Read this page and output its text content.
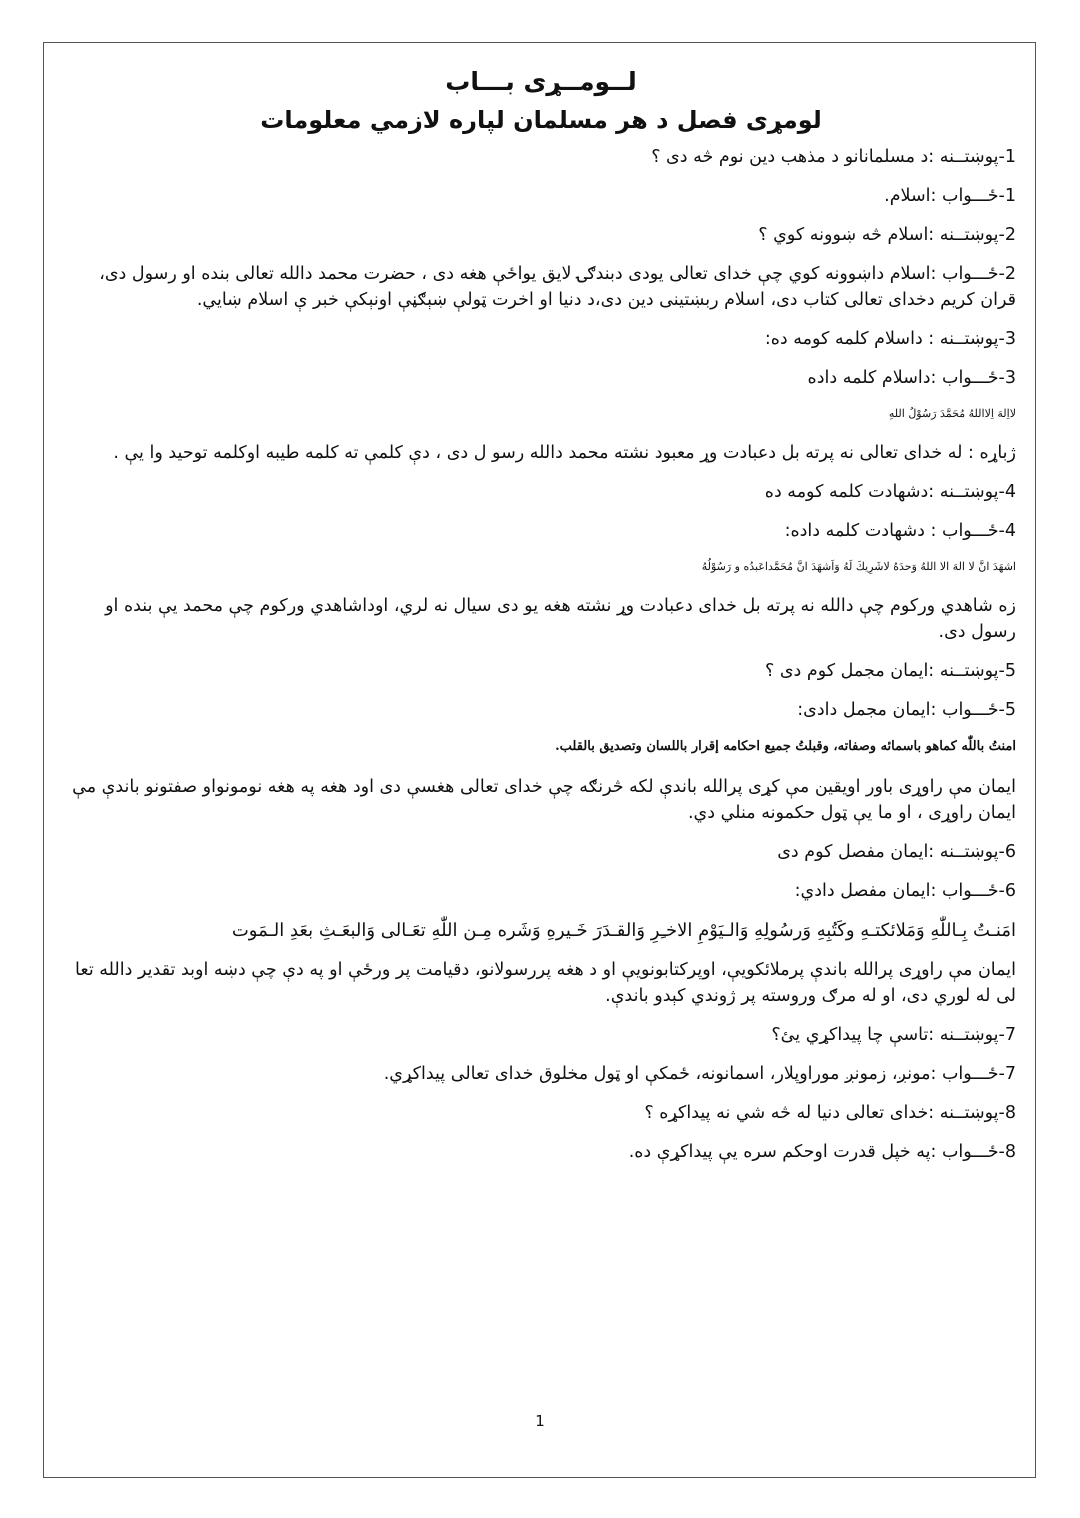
لــومــړی بـــاب
لومړی فصل د هر مسلمان لپاره لازمي معلومات

1-پوښتــنه :د مسلمانانو د مذهب دین نوم څه دی ؟

1-ځـــواب :اسلام.

2-پوښتــنه :اسلام څه ښوونه کوي ؟

2-ځـــواب :اسلام داښوونه کوي چې خدای تعالی یودی دبندګۍ لایق یواځې هغه دی ، حضرت محمد دالله تعالی بنده او رسول دی، قران کریم دخدای تعالی کتاب دی، اسلام ربښتینی دین دی،د دنیا او اخرت ټولې ښېګڼې اونېکې خبر ې اسلام ښایي.

3-پوښتــنه : داسلام کلمه کومه ده:

3-ځـــواب :داسلام کلمه داده

لااِلهَ اِلااللهُ مُحَمَّدَ رَسُوْلُ اللهِ

ژباړه : له خدای تعالی نه پرته بل دعبادت وړ معبود نشته محمد دالله رسو ل دی ، دې کلمې ته کلمه طیبه اوکلمه توحید وا یې .

4-پوښتــنه :دشهادت کلمه کومه ده

4-ځـــواب : دشهادت کلمه داده:

اشهَدَ انَّ لا الهَ الا اللهُ وَحدَهُ لاشَرِيكَ لَهُ وَاَشهَدَ انَّ مُحَمَّداعَبدُه و رَسُوْلُهُ

زه شاهدي ورکوم چې دالله نه پرته بل خدای دعبادت وړ نشته هغه یو دی سیال نه لري، اوداشاهدي ورکوم چې محمد یې بنده او رسول دی.

5-پوښتــنه :ایمان مجمل کوم دی ؟

5-ځـــواب :ایمان مجمل دادی:

امنتُ باللّٰه كماهو باسمائه وصفاته، وقبلتُ جميع احكامه إقرار باللسان وتصديق بالقلب.

ایمان مې راوړی باور اویقین مې کړی پرالله باندې لکه څرنګه چې خدای تعالی هغسې دی اود هغه په هغه نومونواو صفتونو باندې مې ایمان راوړی ، او ما یې ټول حکمونه منلي دي.

6-پوښتــنه :ایمان مفصل کوم دی

6-ځـــواب :ایمان مفصل دادي:

امَنـتُ بِـاللّٰهِ وَمَلائكتـهِ وكَتُبِهِ وَرسُولِهِ وَالـيَوْمِ الاخـِرِ وَالقـدَرَ خَـيرهِ وَشَره مِـن اللّٰهِ تعَـالى وَالبعَـثِ بعَدِ الـمَوت

ایمان مې راوړی پرالله باندې پرملائکویې، اوپرکتابونویې او د هغه پررسولانو، دقیامت پر ورځې او په دې چې دښه اوبد تقدیر دالله تعا لی له لوري دی، او له مرګ وروسته پر ژوندي کېدو باندې.

7-پوښتــنه :تاسې چا پیداکړي یئ؟

7-ځـــواب :مونږ، زمونږ موراوپلار، اسمانونه، ځمکې او ټول مخلوق خدای تعالی پیداکړي.

8-پوښتــنه :خدای تعالی دنیا له څه شي نه پیداکړه ؟

8-ځـــواب :په خپل قدرت اوحکم سره یې پیداکړې ده.

1
